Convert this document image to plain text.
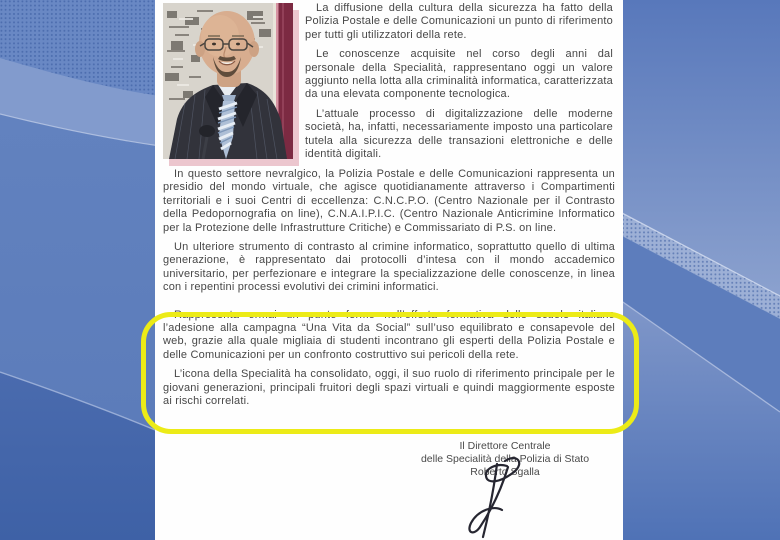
La diffusione della cultura della sicurezza ha fatto della Polizia Postale e delle Comunicazioni un punto di riferimento per tutti gli utilizzatori della rete.

Le conoscenze acquisite nel corso degli anni dal personale della Specialità, rappresentano oggi un valore aggiunto nella lotta alla criminalità informatica, caratterizzata da una elevata componente tecnologica.

L’attuale processo di digitalizzazione delle moderne società, ha, infatti, necessariamente imposto una particolare tutela alla sicurezza delle transazioni elettroniche e delle identità digitali.

In questo settore nevralgico, la Polizia Postale e delle Comunicazioni rappresenta un presidio del mondo virtuale, che agisce quotidianamente attraverso i Compartimenti territoriali e i suoi Centri di eccellenza: C.N.C.P.O. (Centro Nazionale per il Contrasto della Pedopornografia on line), C.N.A.I.P.I.C. (Centro Nazionale Anticrimine Informatico per la Protezione delle Infrastrutture Critiche) e Commissariato di P.S. on line.

Un ulteriore strumento di contrasto al crimine informatico, soprattutto quello di ultima generazione, è rappresentato dai protocolli d’intesa con il mondo accademico universitario, per perfezionare e integrare la specializzazione delle conoscenze, in linea con i repentini processi evolutivi dei crimini informatici.

Rappresenta ormai un punto fermo nell’offerta formativa delle scuole italiane l’adesione alla campagna “Una Vita da Social” sull’uso equilibrato e consapevole del web, grazie alla quale migliaia di studenti incontrano gli esperti della Polizia Postale e delle Comunicazioni per un confronto costruttivo sui pericoli della rete.

L’icona della Specialità ha consolidato, oggi, il suo ruolo di riferimento principale per le giovani generazioni, principali fruitori degli spazi virtuali e quindi maggiormente esposte ai rischi correlati.

Il Direttore Centrale
delle Specialità della Polizia di Stato
Roberto Sgalla
